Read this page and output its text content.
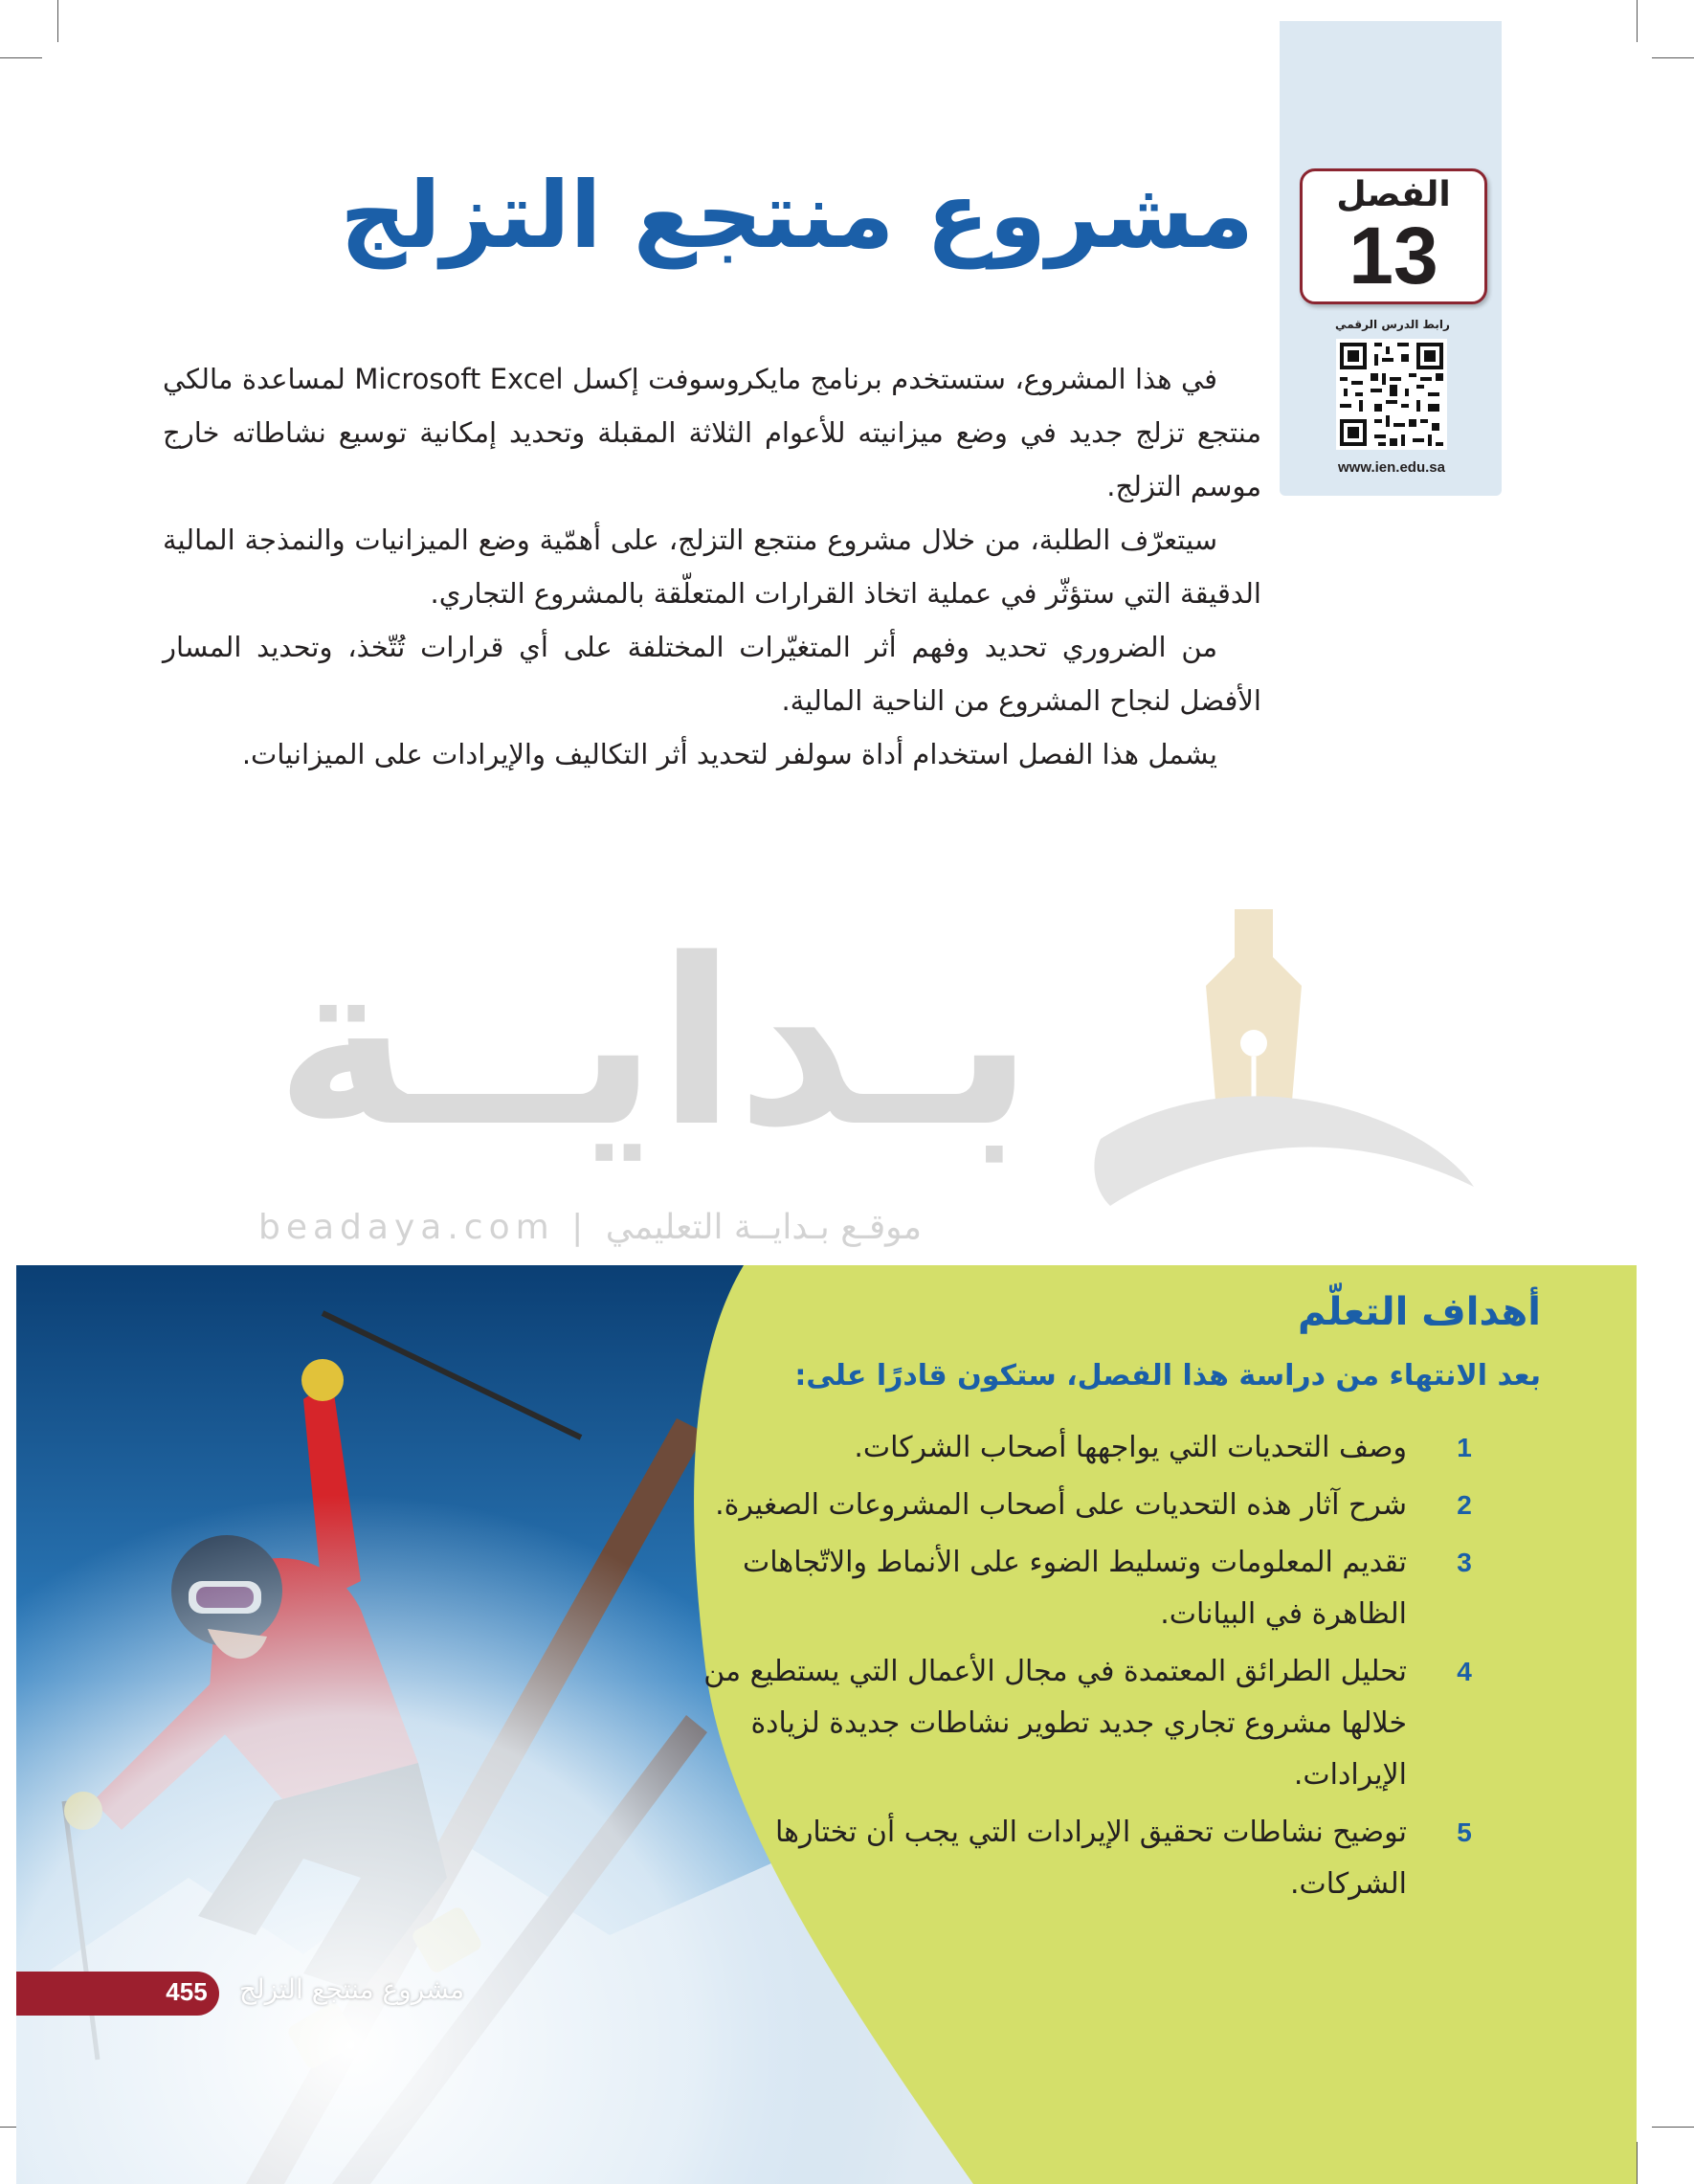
الفصل
13
رابط الدرس الرقمي
www.ien.edu.sa
مشروع منتجع التزلج

في هذا المشروع، ستستخدم برنامج مايكروسوفت إكسل Microsoft Excel لمساعدة مالكي منتجع تزلج جديد في وضع ميزانيته للأعوام الثلاثة المقبلة وتحديد إمكانية توسيع نشاطاته خارج موسم التزلج.

سيتعرّف الطلبة، من خلال مشروع منتجع التزلج، على أهمّية وضع الميزانيات والنمذجة المالية الدقيقة التي ستؤثّر في عملية اتخاذ القرارات المتعلّقة بالمشروع التجاري.

من الضروري تحديد وفهم أثر المتغيّرات المختلفة على أي قرارات تُتّخذ، وتحديد المسار الأفضل لنجاح المشروع من الناحية المالية.

يشمل هذا الفصل استخدام أداة سولفر لتحديد أثر التكاليف والإيرادات على الميزانيات.

بـدايــة
beadaya.com | موقـع بـدايــة التعليمي
أهداف التعلّم
بعد الانتهاء من دراسة هذا الفصل، ستكون قادرًا على:
1
وصف التحديات التي يواجهها أصحاب الشركات.
2
شرح آثار هذه التحديات على أصحاب المشروعات الصغيرة.
3
تقديم المعلومات وتسليط الضوء على الأنماط والاتّجاهات الظاهرة في البيانات.
4
تحليل الطرائق المعتمدة في مجال الأعمال التي يستطيع من خلالها مشروع تجاري جديد تطوير نشاطات جديدة لزيادة الإيرادات.
5
توضيح نشاطات تحقيق الإيرادات التي يجب أن تختارها الشركات.
455	مشروع منتجع التزلج
